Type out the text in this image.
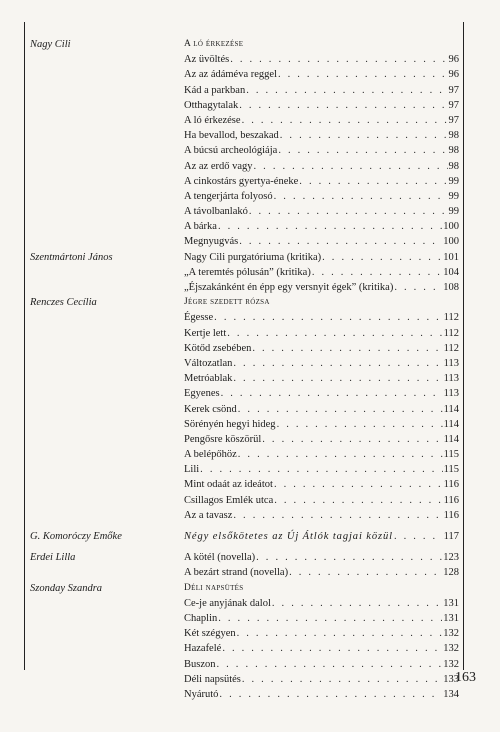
Nagy Cili	A ló érkezése
Az üvöltés . . .	96
Az az ádáméva reggel . . .	96
Kád a parkban . . .	97
Otthagytalak . . .	97
A ló érkezése . . .	97
Ha bevallod, beszakad . . .	98
A búcsú archeológiája . . .	98
Az az erdő vagy . . .	98
A cinkostárs gyertya-éneke . . .	99
A tengerjárta folyosó . . .	99
A távolbanlakó . . .	99
A bárka . . .	100
Megnyugvás . . .	100
Szentmártoni János	Nagy Cili purgatóriuma (kritika) . . .	101
„A teremtés pólusán” (kritika) . . .	104
„Éjszakánként én épp egy versnyit égek” (kritika) . . .	108
Renczes Cecília	Jégre szedett rózsa
Égesse . . .	112
Kertje lett . . .	112
Kötőd zsebében . . .	112
Változatlan . . .	113
Metróablak . . .	113
Egyenes . . .	113
Kerek csönd . . .	114
Sörényén hegyi hideg . . .	114
Pengősre köszörül . . .	114
A belépőhöz . . .	115
Lili . . .	115
Mint odaát az ideátot . . .	116
Csillagos Emlék utca . . .	116
Az a tavasz . . .	116
G. Komoróczy Emőke	Négy elsőkötetes az Új Átlók tagjai közül . . .	117
Erdei Lilla	A kötél (novella) . . .	123
A bezárt strand (novella) . . .	128
Szonday Szandra	Déli napsütés
Ce-je anyjának dalol . . .	131
Chaplin . . .	131
Két szégyen . . .	132
Hazafelé . . .	132
Buszon . . .	132
Déli napsütés . . .	133
Nyárutó . . .	134
163
